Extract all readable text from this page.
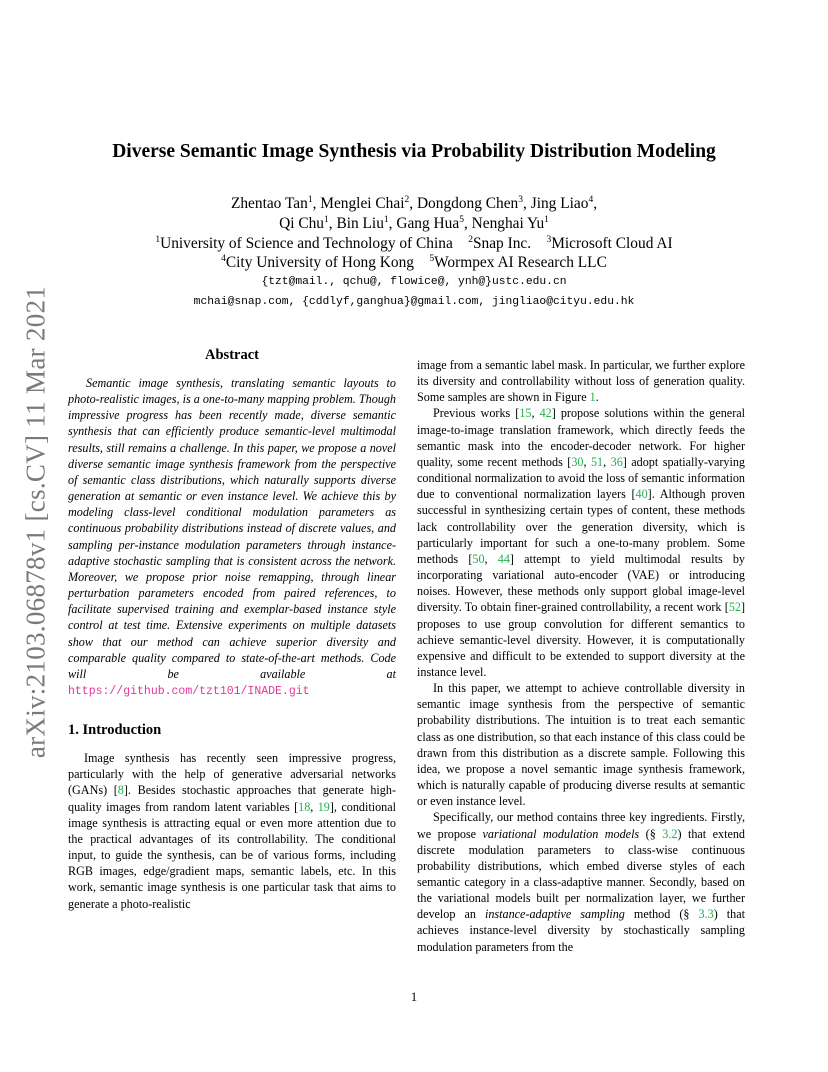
arXiv:2103.06878v1 [cs.CV] 11 Mar 2021
Diverse Semantic Image Synthesis via Probability Distribution Modeling
Zhentao Tan$^1$, Menglei Chai$^2$, Dongdong Chen$^3$, Jing Liao$^4$,
Qi Chu$^1$, Bin Liu$^1$, Gang Hua$^5$, Nenghai Yu$^1$
$^1$University of Science and Technology of China $^2$Snap Inc. $^3$Microsoft Cloud AI
$^4$City University of Hong Kong $^5$Wormpex AI Research LLC
{tzt@mail., qchu@, flowice@, ynh@}ustc.edu.cn
mchai@snap.com, {cddlyf,ganghua}@gmail.com, jingliao@cityu.edu.hk
Abstract

Semantic image synthesis, translating semantic layouts to photo-realistic images, is a one-to-many mapping problem. Though impressive progress has been recently made, diverse semantic synthesis that can efficiently produce semantic-level multimodal results, still remains a challenge. In this paper, we propose a novel diverse semantic image synthesis framework from the perspective of semantic class distributions, which naturally supports diverse generation at semantic or even instance level. We achieve this by modeling class-level conditional modulation parameters as continuous probability distributions instead of discrete values, and sampling per-instance modulation parameters through instance-adaptive stochastic sampling that is consistent across the network. Moreover, we propose prior noise remapping, through linear perturbation parameters encoded from paired references, to facilitate supervised training and exemplar-based instance style control at test time. Extensive experiments on multiple datasets show that our method can achieve superior diversity and comparable quality compared to state-of-the-art methods. Code will be available at https://github.com/tzt101/INADE.git

1. Introduction

Image synthesis has recently seen impressive progress, particularly with the help of generative adversarial networks (GANs) [8]. Besides stochastic approaches that generate high-quality images from random latent variables [18, 19], conditional image synthesis is attracting equal or even more attention due to the practical advantages of its controllability. The conditional input, to guide the synthesis, can be of various forms, including RGB images, edge/gradient maps, semantic labels, etc. In this work, semantic image synthesis is one particular task that aims to generate a photo-realistic

image from a semantic label mask. In particular, we further explore its diversity and controllability without loss of generation quality. Some samples are shown in Figure 1.

Previous works [15, 42] propose solutions within the general image-to-image translation framework, which directly feeds the semantic mask into the encoder-decoder network. For higher quality, some recent methods [30, 51, 36] adopt spatially-varying conditional normalization to avoid the loss of semantic information due to conventional normalization layers [40]. Although proven successful in synthesizing certain types of content, these methods lack controllability over the generation diversity, which is particularly important for such a one-to-many problem. Some methods [50, 44] attempt to yield multimodal results by incorporating variational auto-encoder (VAE) or introducing noises. However, these methods only support global image-level diversity. To obtain finer-grained controllability, a recent work [52] proposes to use group convolution for different semantics to achieve semantic-level diversity. However, it is computationally expensive and difficult to be extended to support diversity at the instance level.

In this paper, we attempt to achieve controllable diversity in semantic image synthesis from the perspective of semantic probability distributions. The intuition is to treat each semantic class as one distribution, so that each instance of this class could be drawn from this distribution as a discrete sample. Following this idea, we propose a novel semantic image synthesis framework, which is naturally capable of producing diverse results at semantic or even instance level.

Specifically, our method contains three key ingredients. Firstly, we propose variational modulation models (§ 3.2) that extend discrete modulation parameters to class-wise continuous probability distributions, which embed diverse styles of each semantic category in a class-adaptive manner. Secondly, based on the variational models built per normalization layer, we further develop an instance-adaptive sampling method (§ 3.3) that achieves instance-level diversity by stochastically sampling modulation parameters from the

1
